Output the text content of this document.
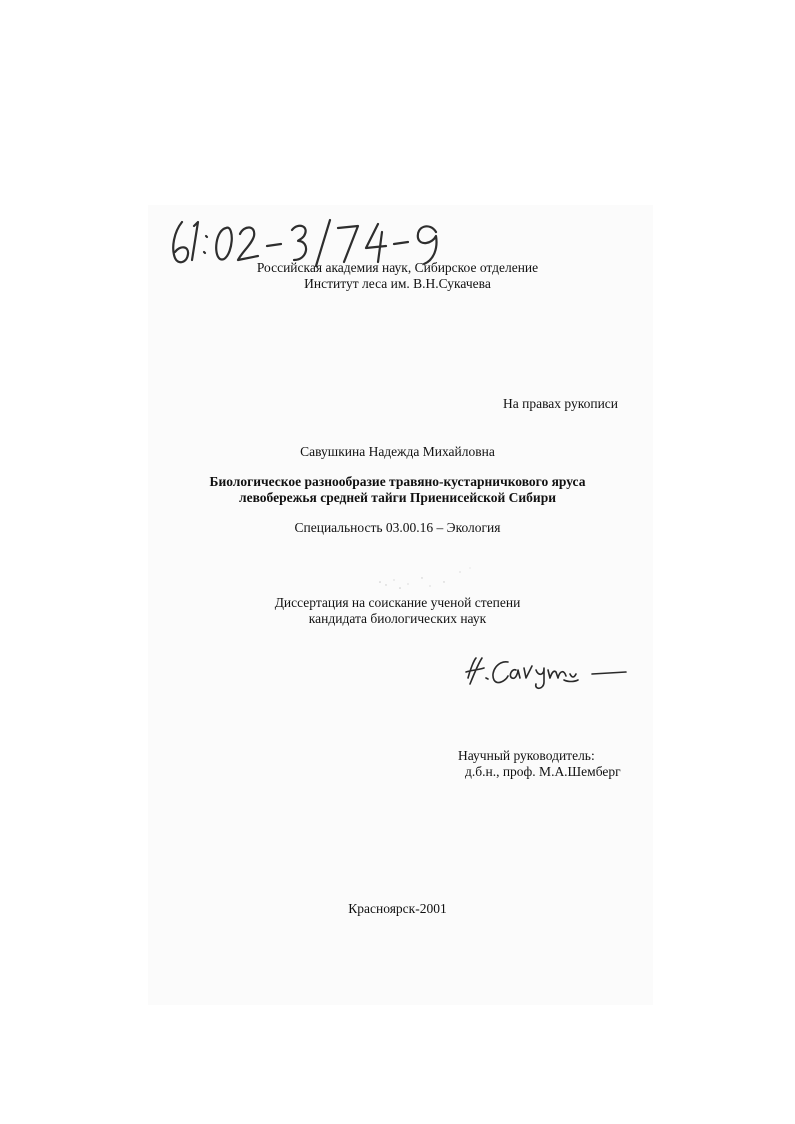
Российская академия наук, Сибирское отделение
Институт леса им. В.Н.Сукачева
На правах рукописи
Савушкина Надежда Михайловна
Биологическое разнообразие травяно-кустарничкового яруса
левобережья средней тайги Приенисейской Сибири
Специальность 03.00.16 – Экология
Диссертация на соискание ученой степени
кандидата биологических наук
Научный руководитель:
д.б.н., проф. М.А.Шемберг
Красноярск-2001
